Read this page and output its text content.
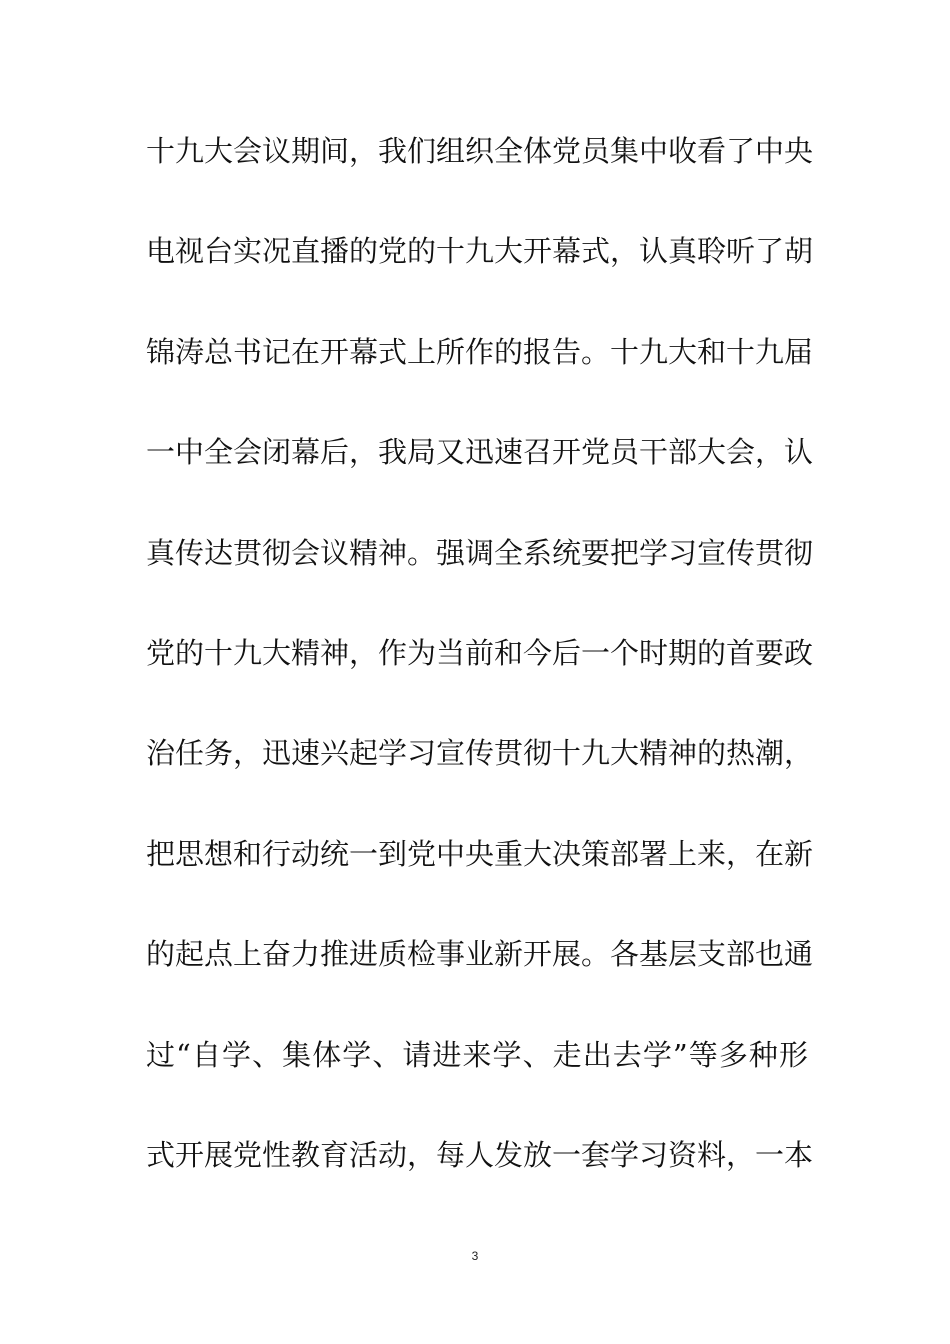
十九大会议期间，我们组织全体党员集中收看了中央
电视台实况直播的党的十九大开幕式，认真聆听了胡
锦涛总书记在开幕式上所作的报告。十九大和十九届
一中全会闭幕后，我局又迅速召开党员干部大会，认
真传达贯彻会议精神。强调全系统要把学习宣传贯彻
党的十九大精神，作为当前和今后一个时期的首要政
治任务，迅速兴起学习宣传贯彻十九大精神的热潮，
把思想和行动统一到党中央重大决策部署上来，在新
的起点上奋力推进质检事业新开展。各基层支部也通
过“自学、集体学、请进来学、走出去学”等多种形
式开展党性教育活动，每人发放一套学习资料，一本
3
